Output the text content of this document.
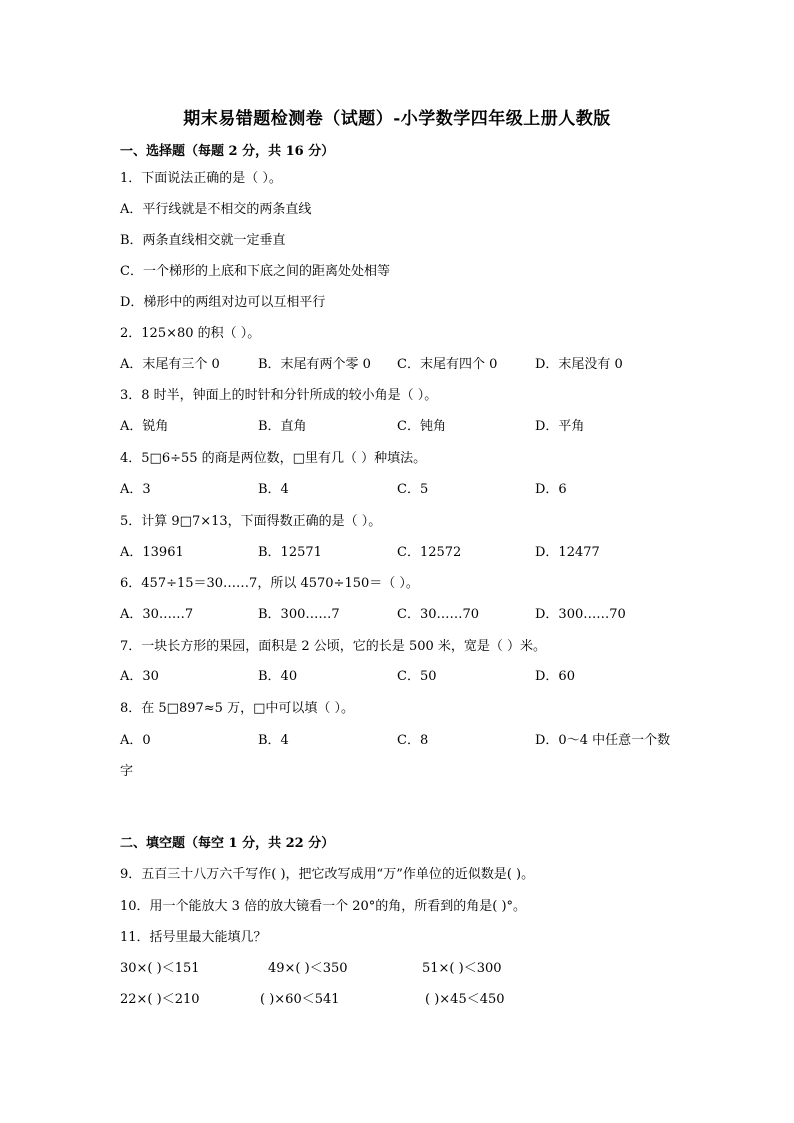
期末易错题检测卷（试题）-小学数学四年级上册人教版
一、选择题（每题 2 分，共 16 分）
1．下面说法正确的是（ ）。
A．平行线就是不相交的两条直线
B．两条直线相交就一定垂直
C．一个梯形的上底和下底之间的距离处处相等
D．梯形中的两组对边可以互相平行
2．125×80 的积（ ）。
A．末尾有三个 0	B．末尾有两个零 0 C．末尾有四个 0	D．末尾没有 0
3．8 时半，钟面上的时针和分针所成的较小角是（ ）。
A．锐角	B．直角	C．钝角	D．平角
4．5□6÷55 的商是两位数，□里有几（ ）种填法。
A．3	B．4	C．5	D．6
5．计算 9□7×13，下面得数正确的是（ ）。
A．13961	B．12571	C．12572	D．12477
6．457÷15＝30……7，所以 4570÷150＝（ ）。
A．30……7	B．300……7	C．30……70	D．300……70
7．一块长方形的果园，面积是 2 公顷，它的长是 500 米，宽是（ ）米。
A．30	B．40	C．50	D．60
8．在 5□897≈5 万，□中可以填（ ）。
A．0	B．4	C．8	D．0～4 中任意一个数
字
二、填空题（每空 1 分，共 22 分）
9．五百三十八万六千写作( )，把它改写成用“万”作单位的近似数是( )。
10．用一个能放大 3 倍的放大镜看一个 20°的角，所看到的角是( )°。
11．括号里最大能填几？
30×( )＜151	49×( )＜350	51×( )＜300
22×( )＜210	( )×60＜541	( )×45＜450
